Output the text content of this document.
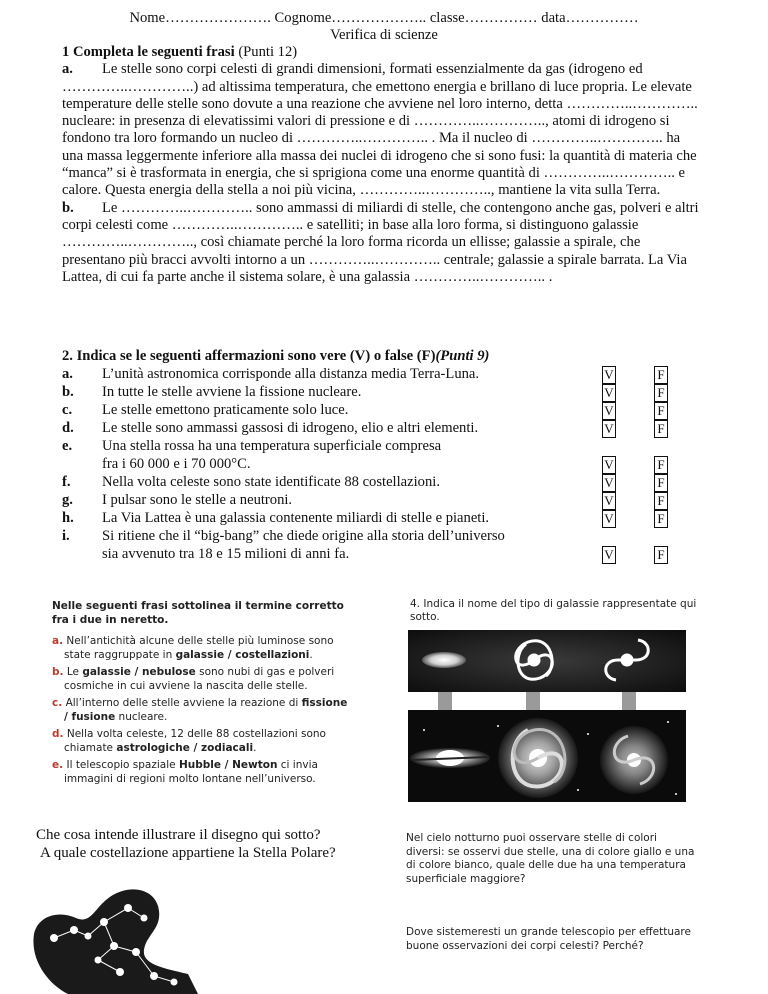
Nome…………………. Cognome……………….. classe…………… data……………
Verifica di scienze
1 Completa le seguenti frasi (Punti 12)

a. Le stelle sono corpi celesti di grandi dimensioni, formati essenzialmente da gas (idrogeno ed …………..…………..) ad altissima temperatura, che emettono energia e brillano di luce propria. Le elevate temperature delle stelle sono dovute a una reazione che avviene nel loro interno, detta …………..………….. nucleare: in presenza di elevatissimi valori di pressione e di …………..………….., atomi di idrogeno si fondono tra loro formando un nucleo di …………..………….. . Ma il nucleo di …………..………….. ha una massa leggermente inferiore alla massa dei nuclei di idrogeno che si sono fusi: la quantità di materia che “manca” si è trasformata in energia, che si sprigiona come una enorme quantità di …………..………….. e calore. Questa energia della stella a noi più vicina, …………..………….., mantiene la vita sulla Terra.

b. Le …………..………….. sono ammassi di miliardi di stelle, che contengono anche gas, polveri e altri corpi celesti come …………..………….. e satelliti; in base alla loro forma, si distinguono galassie …………..………….., così chiamate perché la loro forma ricorda un ellisse; galassie a spirale, che presentano più bracci avvolti intorno a un …………..………….. centrale; galassie a spirale barrata. La Via Lattea, di cui fa parte anche il sistema solare, è una galassia …………..………….. .

2. Indica se le seguenti affermazioni sono vere (V) o false (F)(Punti 9)
a. L’unità astronomica corrisponde alla distanza media Terra-Luna.	V	F
b. In tutte le stelle avviene la fissione nucleare.	V	F
c. Le stelle emettono praticamente solo luce.	V	F
d. Le stelle sono ammassi gassosi di idrogeno, elio e altri elementi.	V	F
e. Una stella rossa ha una temperatura superficiale compresa
fra i 60 000 e i 70 000°C.	V	F
f. Nella volta celeste sono state identificate 88 costellazioni.	V	F
g. I pulsar sono le stelle a neutroni.	V	F
h. La Via Lattea è una galassia contenente miliardi di stelle e pianeti.	V	F
i. Si ritiene che il “big-bang” che diede origine alla storia dell’universo
sia avvenuto tra 18 e 15 milioni di anni fa.	V	F
Nelle seguenti frasi sottolinea il termine corretto fra i due in neretto.
a. Nell’antichità alcune delle stelle più luminose sono state raggruppate in galassie / costellazioni.
b. Le galassie / nebulose sono nubi di gas e polveri cosmiche in cui avviene la nascita delle stelle.
c. All’interno delle stelle avviene la reazione di fissione / fusione nucleare.
d. Nella volta celeste, 12 delle 88 costellazioni sono chiamate astrologiche / zodiacali.
e. Il telescopio spaziale Hubble / Newton ci invia immagini di regioni molto lontane nell’universo.
4. Indica il nome del tipo di galassie rappresentate qui sotto.
Che cosa intende illustrare il disegno qui sotto?
A quale costellazione appartiene la Stella Polare?
Nel cielo notturno puoi osservare stelle di colori diversi: se osservi due stelle, una di colore giallo e una di colore bianco, quale delle due ha una temperatura superficiale maggiore?
Dove sistemeresti un grande telescopio per effettuare buone osservazioni dei corpi celesti? Perché?
